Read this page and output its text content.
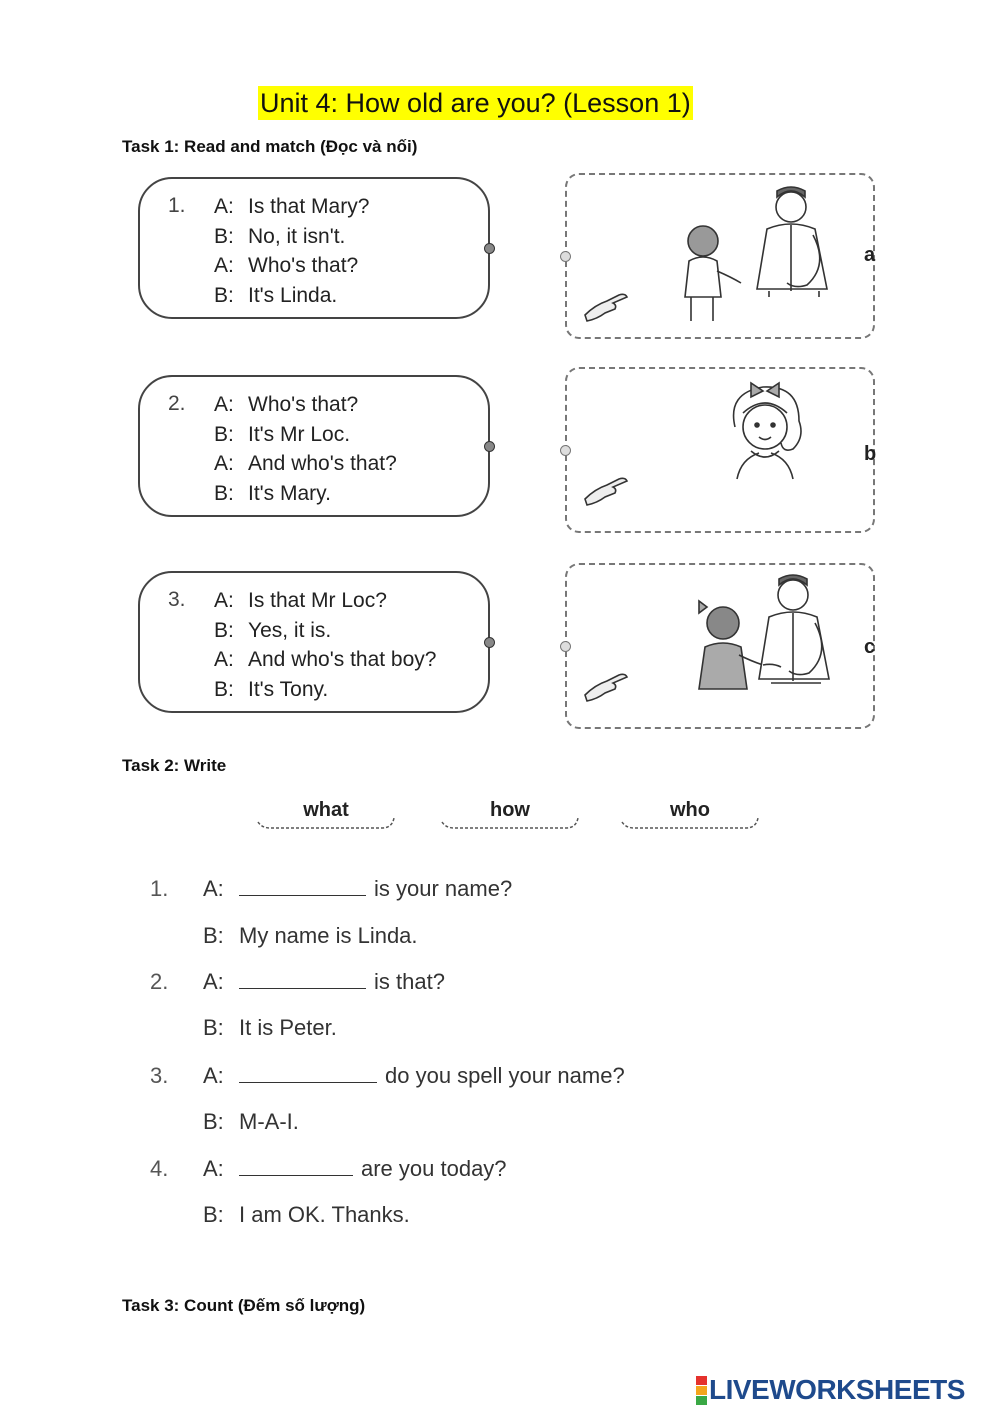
Unit 4: How old are you? (Lesson 1)
Task 1: Read and match (Đọc và nối)
1. A: Is that Mary?
B: No, it isn't.
A: Who's that?
B: It's Linda.
2. A: Who's that?
B: It's Mr Loc.
A: And who's that?
B: It's Mary.
3. A: Is that Mr Loc?
B: Yes, it is.
A: And who's that boy?
B: It's Tony.
a
b
c
Task 2: Write
what	how	who
1. A:	is your name?
B: My name is Linda.
2. A:	is that?
B: It is Peter.
3. A:	do you spell your name?
B: M-A-I.
4. A:	are you today?
B: I am OK. Thanks.
Task 3: Count (Đếm số lượng)
LIVEWORKSHEETS
